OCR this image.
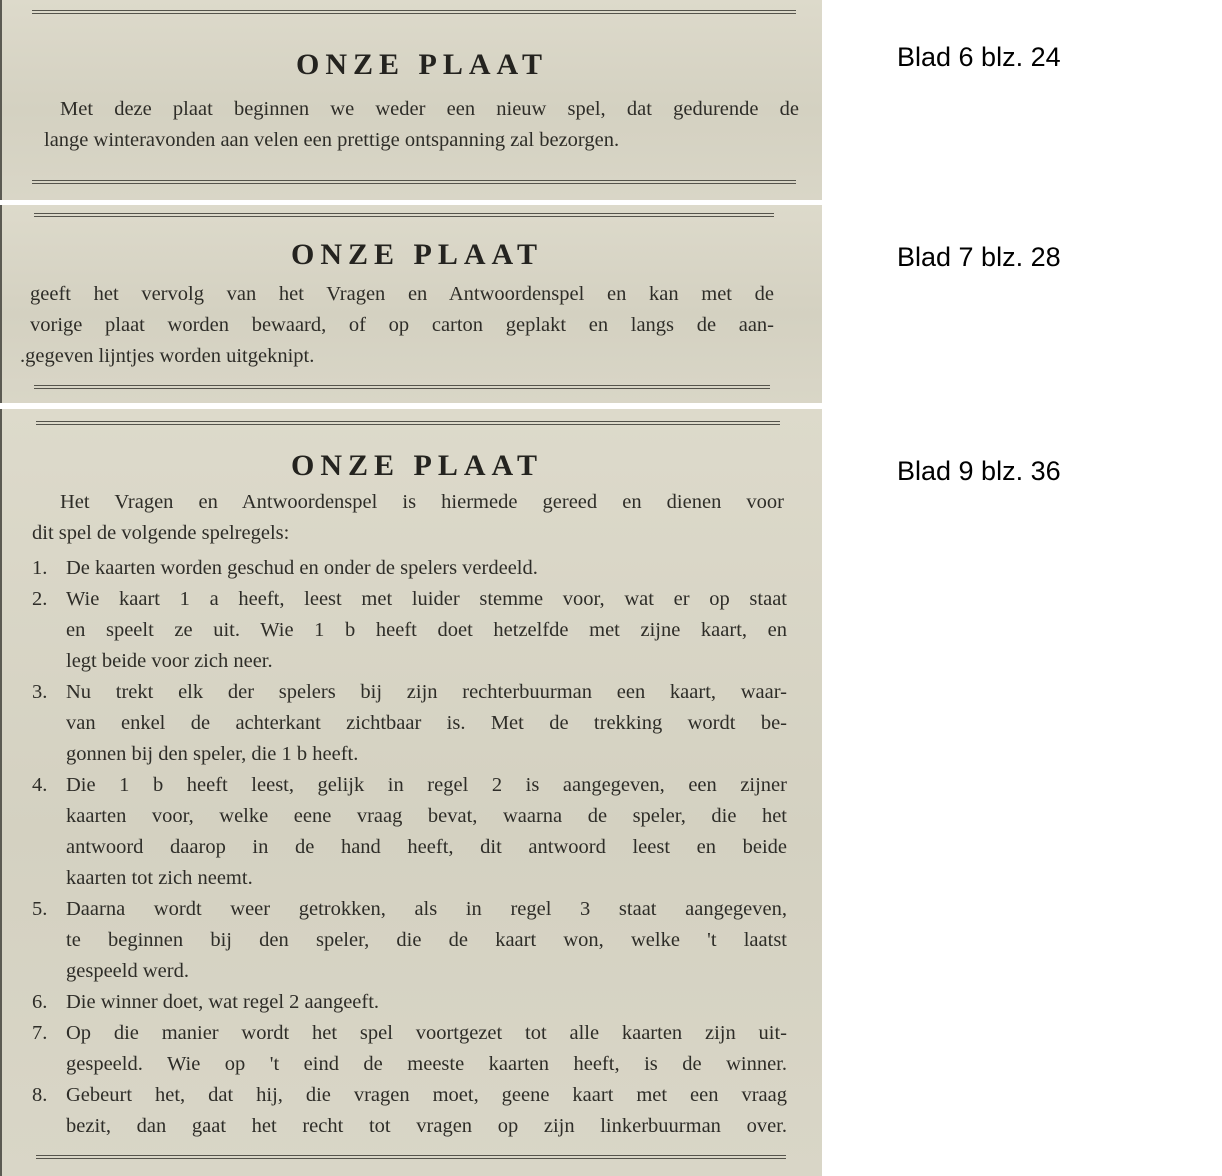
ONZE PLAAT
Met deze plaat beginnen we weder een nieuw spel, dat gedurende de
lange winteravonden aan velen een prettige ontspanning zal bezorgen.
ONZE PLAAT
geeft het vervolg van het Vragen en Antwoordenspel en kan met de
vorige plaat worden bewaard, of op carton geplakt en langs de aan-
.gegeven lijntjes worden uitgeknipt.
ONZE PLAAT
Het Vragen en Antwoordenspel is hiermede gereed en dienen voor
dit spel de volgende spelregels:
1. De kaarten worden geschud en onder de spelers verdeeld.
2. Wie kaart 1 a heeft, leest met luider stemme voor, wat er op staat
en speelt ze uit. Wie 1 b heeft doet hetzelfde met zijne kaart, en
legt beide voor zich neer.
3. Nu trekt elk der spelers bij zijn rechterbuurman een kaart, waar-
van enkel de achterkant zichtbaar is. Met de trekking wordt be-
gonnen bij den speler, die 1 b heeft.
4. Die 1 b heeft leest, gelijk in regel 2 is aangegeven, een zijner
kaarten voor, welke eene vraag bevat, waarna de speler, die het
antwoord daarop in de hand heeft, dit antwoord leest en beide
kaarten tot zich neemt.
5. Daarna wordt weer getrokken, als in regel 3 staat aangegeven,
te beginnen bij den speler, die de kaart won, welke 't laatst
gespeeld werd.
6. Die winner doet, wat regel 2 aangeeft.
7. Op die manier wordt het spel voortgezet tot alle kaarten zijn uit-
gespeeld. Wie op 't eind de meeste kaarten heeft, is de winner.
8. Gebeurt het, dat hij, die vragen moet, geene kaart met een vraag
bezit, dan gaat het recht tot vragen op zijn linkerbuurman over.
Blad 6 blz. 24
Blad 7 blz. 28
Blad 9 blz. 36
